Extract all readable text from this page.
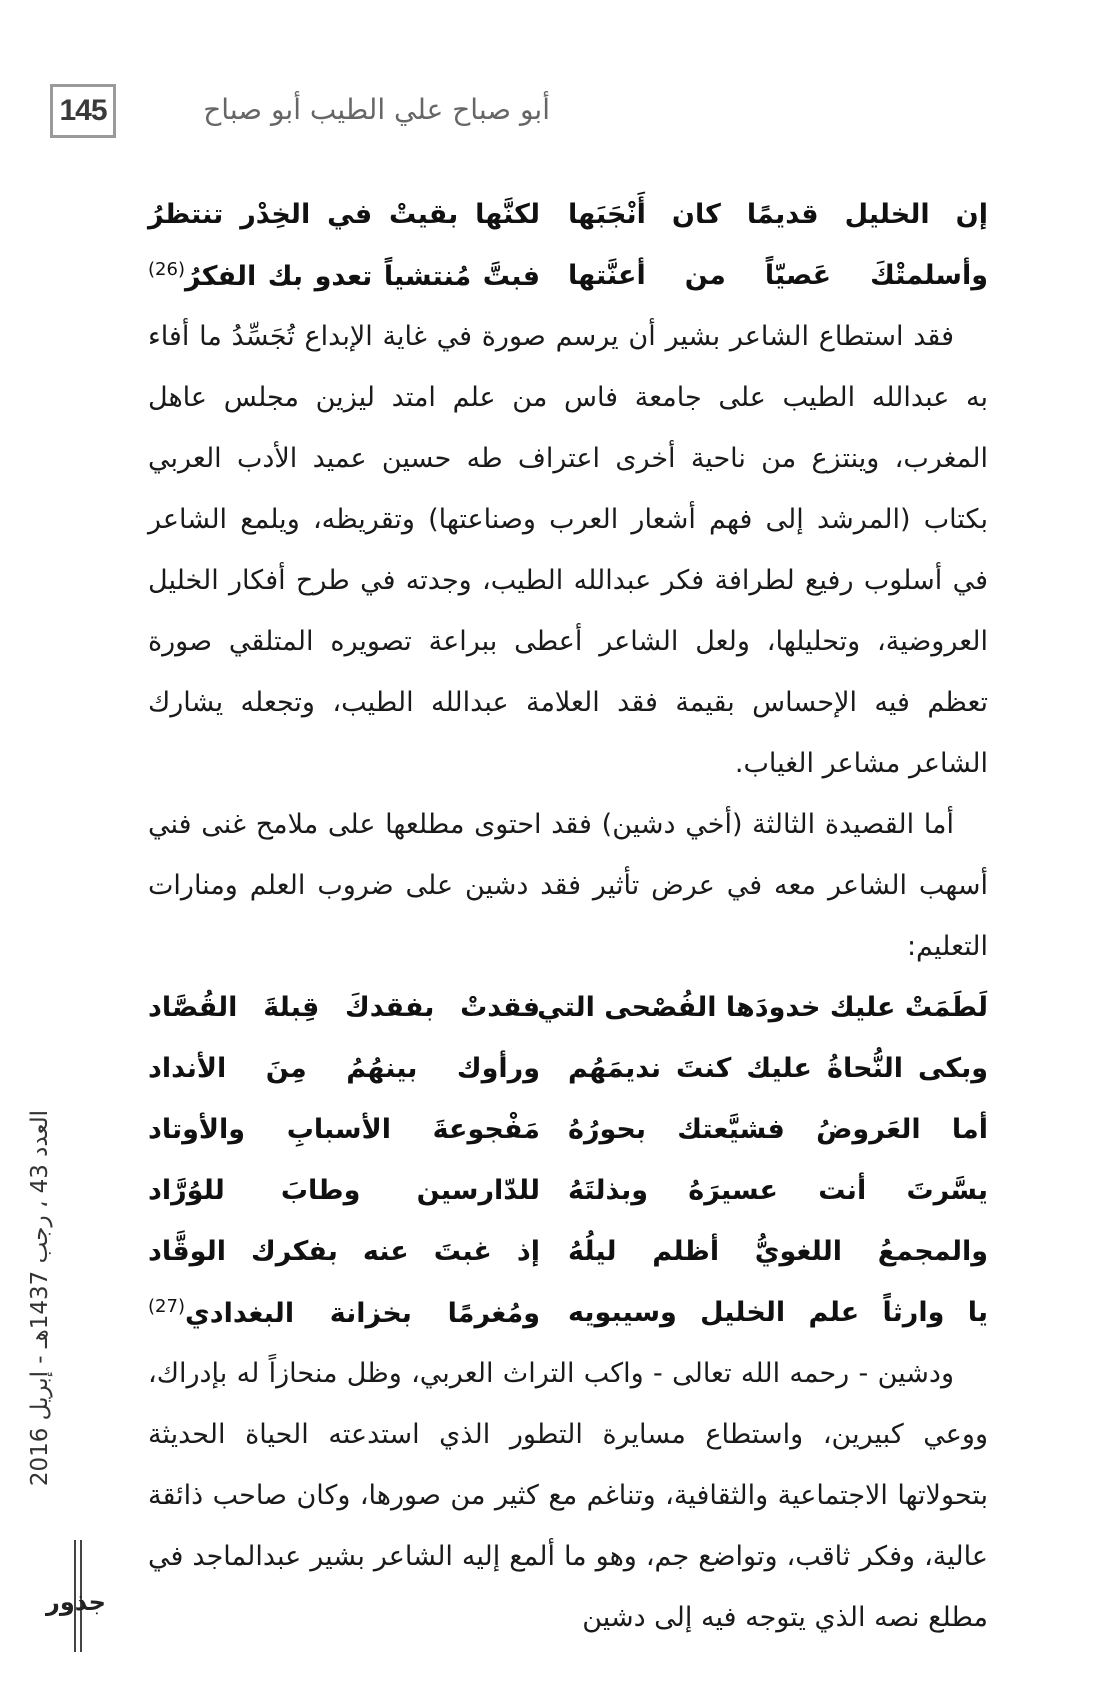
145	أبو صباح علي الطيب أبو صباح
العدد 43 ، رجب 1437هـ - إبريل 2016
جذور
إن الخليل قديمًا كان أَنْجَبَها
لكنَّها بقيتْ في الخِدْر تنتظرُ
وأسلمتْكَ عَصيّاً من أعنَّتها
فبتَّ مُنتشياً تعدو بك الفكرُ$^{(26)}$

فقد استطاع الشاعر بشير أن يرسم صورة في غاية الإبداع تُجَسِّدُ ما أفاء به عبدالله الطيب على جامعة فاس من علم امتد ليزين مجلس عاهل المغرب، وينتزع من ناحية أخرى اعتراف طه حسين عميد الأدب العربي بكتاب (المرشد إلى فهم أشعار العرب وصناعتها) وتقريظه، ويلمع الشاعر في أسلوب رفيع لطرافة فكر عبدالله الطيب، وجدته في طرح أفكار الخليل العروضية، وتحليلها، ولعل الشاعر أعطى ببراعة تصويره المتلقي صورة تعظم فيه الإحساس بقيمة فقد العلامة عبدالله الطيب، وتجعله يشارك الشاعر مشاعر الغياب.

أما القصيدة الثالثة (أخي دشين) فقد احتوى مطلعها على ملامح غنى فني أسهب الشاعر معه في عرض تأثير فقد دشين على ضروب العلم ومنارات التعليم:

لَطَمَتْ عليك خدودَها الفُصْحى التي
فقدتْ بفقدكَ قِبلةَ القُصَّاد
وبكى النُّحاةُ عليك كنتَ نديمَهُم
ورأوك بينهُمُ مِنَ الأنداد
أما العَروضُ فشيَّعتك بحورُهُ
مَفْجوعةَ الأسبابِ والأوتاد
يسَّرتَ أنت عسيرَهُ وبذلتَهُ
للدّارسين وطابَ للوُرَّاد
والمجمعُ اللغويُّ أظلم ليلُهُ
إذ غبتَ عنه بفكرك الوقَّاد
يا وارثاً علم الخليل وسيبويه
ومُغرمًا بخزانة البغدادي$^{(27)}$

ودشين - رحمه الله تعالى - واكب التراث العربي، وظل منحازاً له بإدراك، ووعي كبيرين، واستطاع مسايرة التطور الذي استدعته الحياة الحديثة بتحولاتها الاجتماعية والثقافية، وتناغم مع كثير من صورها، وكان صاحب ذائقة عالية، وفكر ثاقب، وتواضع جم، وهو ما ألمع إليه الشاعر بشير عبدالماجد في مطلع نصه الذي يتوجه فيه إلى دشين
